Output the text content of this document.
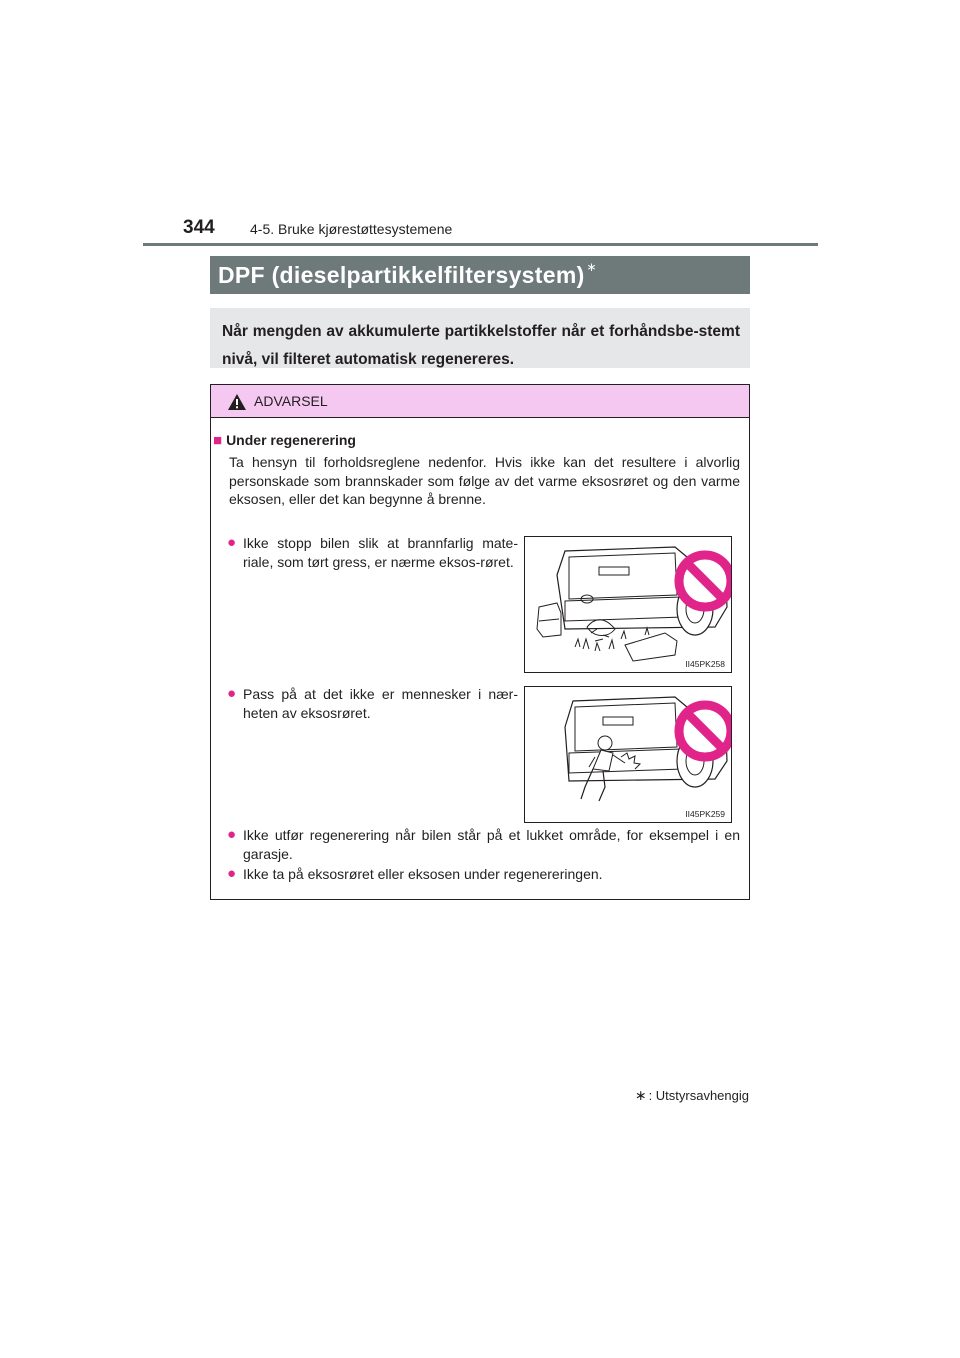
344	4-5. Bruke kjørestøttesystemene
DPF (dieselpartikkelfiltersystem) ∗
Når mengden av akkumulerte partikkelstoffer når et forhåndsbe-stemt nivå, vil filteret automatisk regenereres.
ADVARSEL
■ Under regenerering
Ta hensyn til forholdsreglene nedenfor. Hvis ikke kan det resultere i alvorlig personskade som brannskader som følge av det varme eksosrøret og den varme eksosen, eller det kan begynne å brenne.
● Ikke stopp bilen slik at brannfarlig mate-riale, som tørt gress, er nærme eksos-røret.
II45PK258
● Pass på at det ikke er mennesker i nær-heten av eksosrøret.
II45PK259
● Ikke utfør regenerering når bilen står på et lukket område, for eksempel i en garasje.
● Ikke ta på eksosrøret eller eksosen under regenereringen.
∗ : Utstyrsavhengig
